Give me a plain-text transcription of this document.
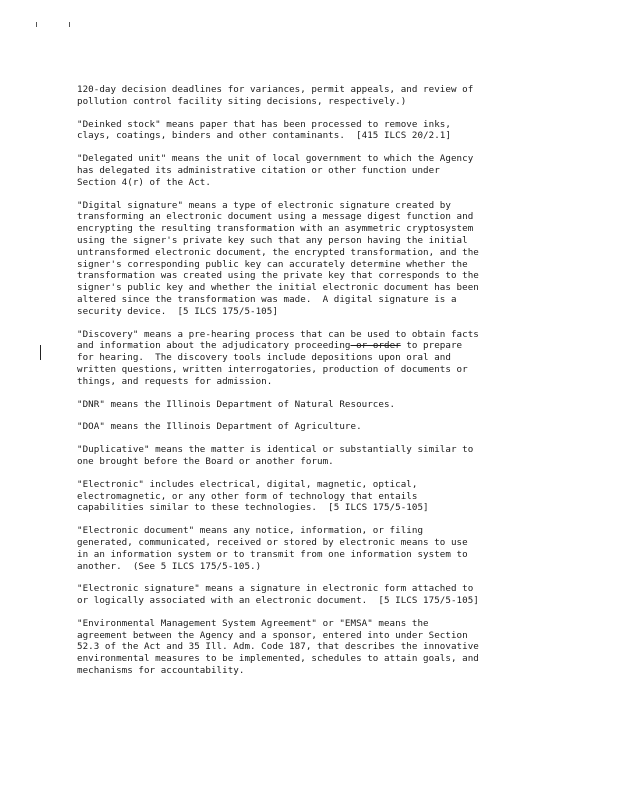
120-day decision deadlines for variances, permit appeals, and review of
pollution control facility siting decisions, respectively.)

"Deinked stock" means paper that has been processed to remove inks,
clays, coatings, binders and other contaminants.  [415 ILCS 20/2.1]

"Delegated unit" means the unit of local government to which the Agency
has delegated its administrative citation or other function under
Section 4(r) of the Act.

"Digital signature" means a type of electronic signature created by
transforming an electronic document using a message digest function and
encrypting the resulting transformation with an asymmetric cryptosystem
using the signer's private key such that any person having the initial
untransformed electronic document, the encrypted transformation, and the
signer's corresponding public key can accurately determine whether the
transformation was created using the private key that corresponds to the
signer's public key and whether the initial electronic document has been
altered since the transformation was made.  A digital signature is a
security device.  [5 ILCS 175/5-105]

"Discovery" means a pre-hearing process that can be used to obtain facts
and information about the adjudicatory proceeding or order to prepare
for hearing.  The discovery tools include depositions upon oral and
written questions, written interrogatories, production of documents or
things, and requests for admission.

"DNR" means the Illinois Department of Natural Resources.

"DOA" means the Illinois Department of Agriculture.

"Duplicative" means the matter is identical or substantially similar to
one brought before the Board or another forum.

"Electronic" includes electrical, digital, magnetic, optical,
electromagnetic, or any other form of technology that entails
capabilities similar to these technologies.  [5 ILCS 175/5-105]

"Electronic document" means any notice, information, or filing
generated, communicated, received or stored by electronic means to use
in an information system or to transmit from one information system to
another.  (See 5 ILCS 175/5-105.)

"Electronic signature" means a signature in electronic form attached to
or logically associated with an electronic document.  [5 ILCS 175/5-105]

"Environmental Management System Agreement" or "EMSA" means the
agreement between the Agency and a sponsor, entered into under Section
52.3 of the Act and 35 Ill. Adm. Code 187, that describes the innovative
environmental measures to be implemented, schedules to attain goals, and
mechanisms for accountability.
